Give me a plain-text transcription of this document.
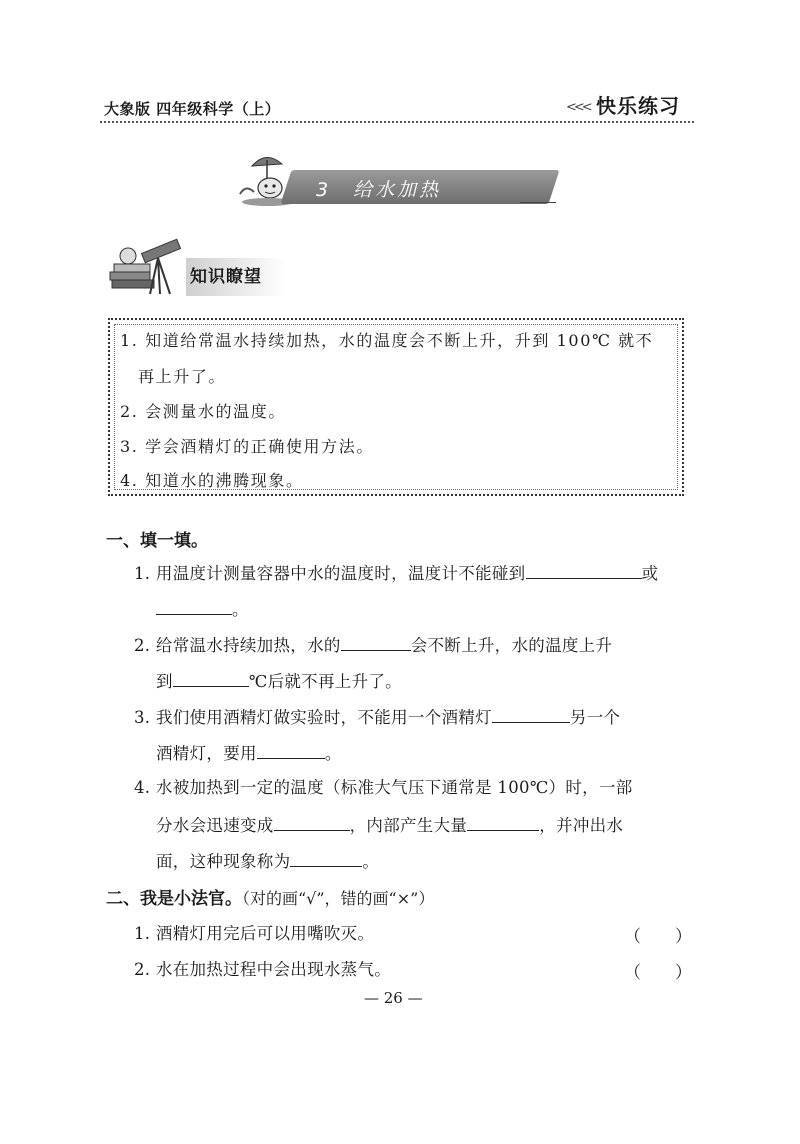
大象版 四年级科学（上）	<<< 快乐练习
3　给水加热
知识瞭望
1. 知道给常温水持续加热，水的温度会不断上升，升到 100℃ 就不
再上升了。
2. 会测量水的温度。
3. 学会酒精灯的正确使用方法。
4. 知道水的沸腾现象。
一、填一填。
1. 用温度计测量容器中水的温度时，温度计不能碰到	或
。
2. 给常温水持续加热，水的	会不断上升，水的温度上升
到	℃后就不再上升了。
3. 我们使用酒精灯做实验时，不能用一个酒精灯	另一个
酒精灯，要用	。
4. 水被加热到一定的温度（标准大气压下通常是 100℃）时，一部
分水会迅速变成	，内部产生大量	，并冲出水
面，这种现象称为	。
二、我是小法官。（对的画“√”，错的画“×”）
1. 酒精灯用完后可以用嘴吹灭。	（　　）
2. 水在加热过程中会出现水蒸气。	（　　）
— 26 —
